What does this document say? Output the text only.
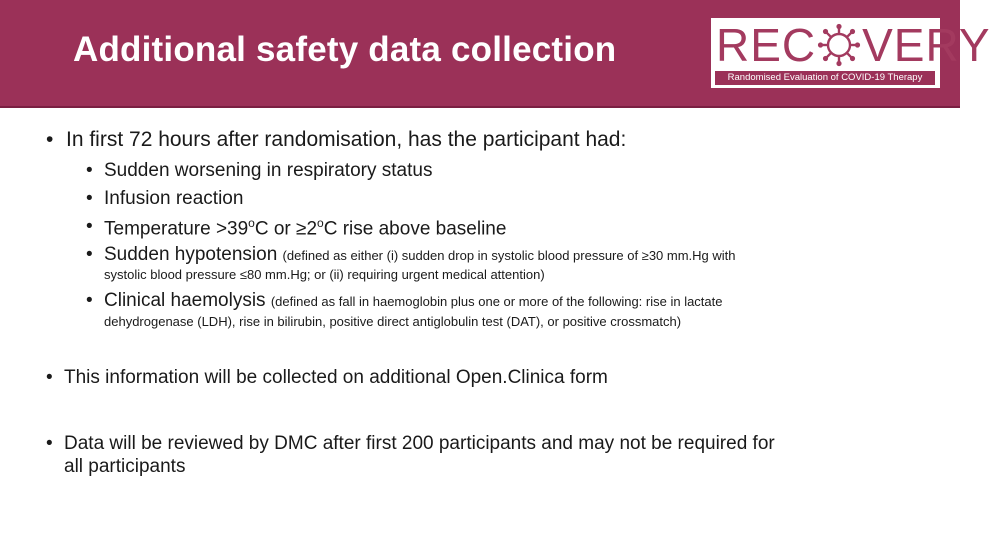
Additional safety data collection REC VERY
Randomised Evaluation of COVID-19 Therapy
• In first 72 hours after randomisation, has the participant had:
• Sudden worsening in respiratory status
• Infusion reaction
• Temperature $>39^oC$ or $\ge 2^oC$ rise above baseline
• Sudden hypotension (defined as either (i) sudden drop in systolic blood pressure of ≥30 mm.Hg with
systolic blood pressure ≤80 mm.Hg; or (ii) requiring urgent medical attention)
• Clinical haemolysis (defined as fall in haemoglobin plus one or more of the following: rise in lactate
dehydrogenase (LDH), rise in bilirubin, positive direct antiglobulin test (DAT), or positive crossmatch)
• This information will be collected on additional Open.Clinica form
• Data will be reviewed by DMC after first 200 participants and may not be required for
all participants
